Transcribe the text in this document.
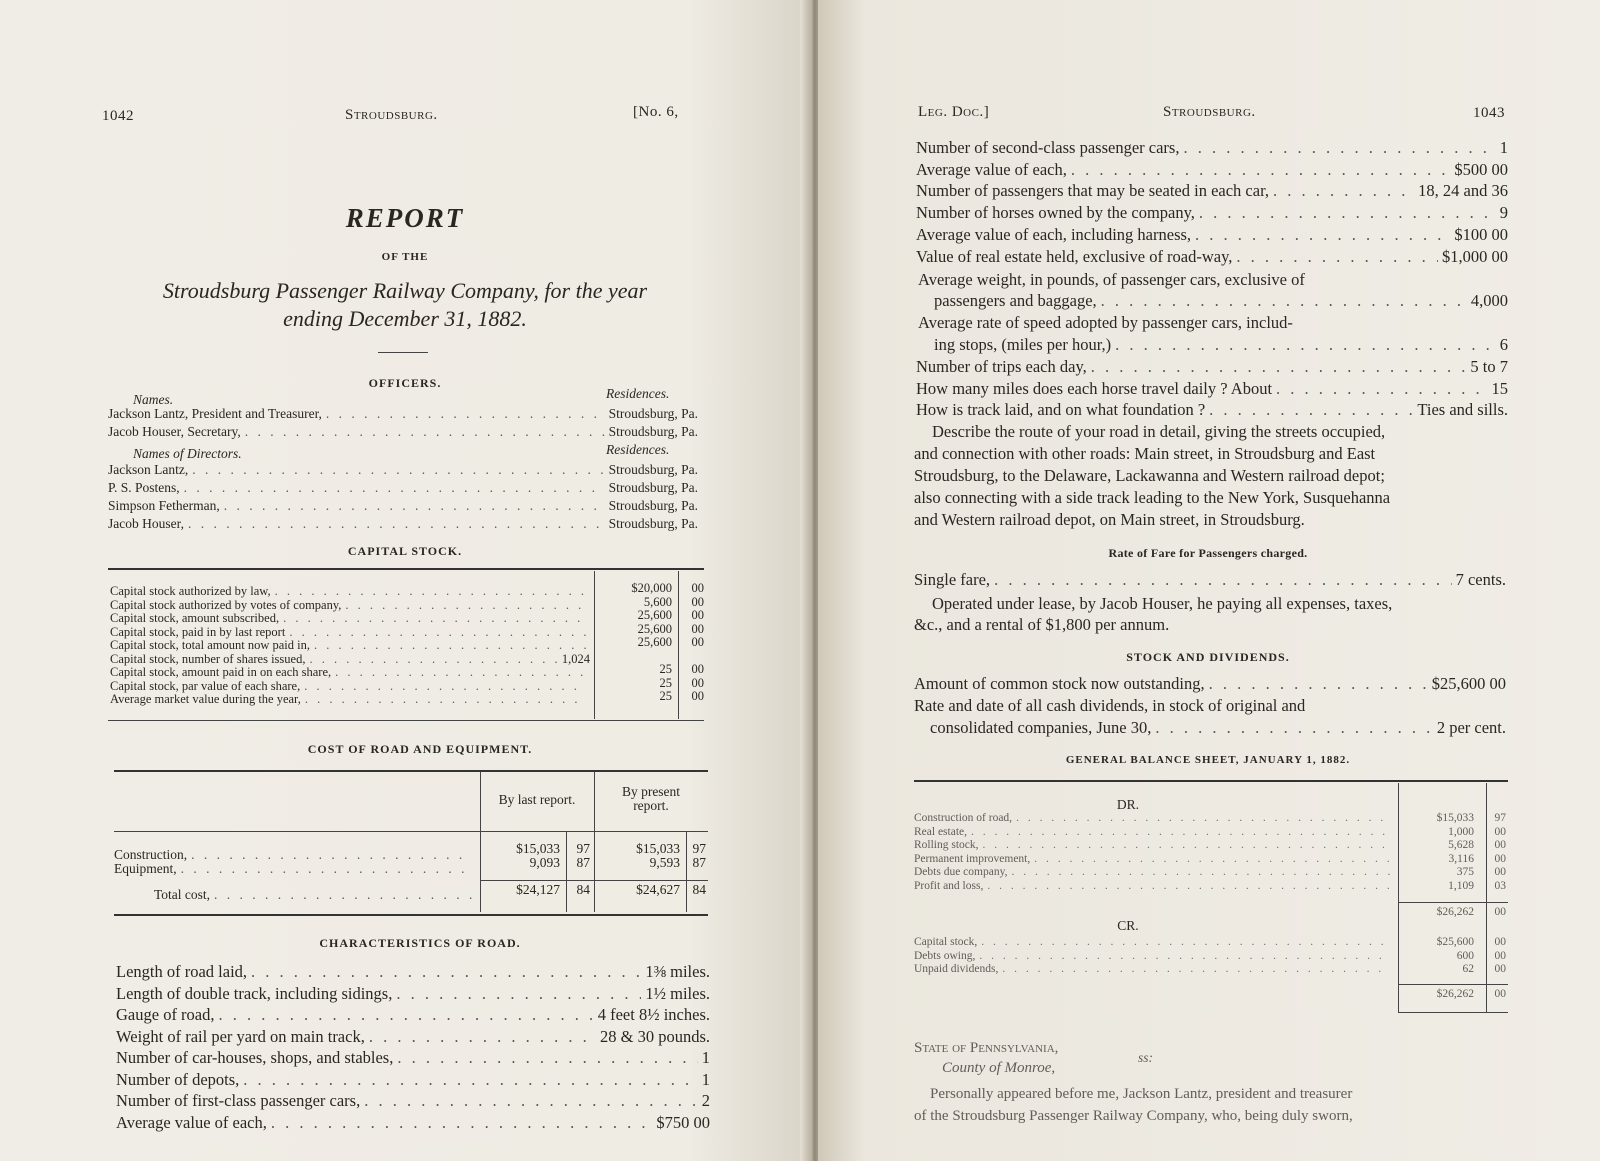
1042	Stroudsburg.	[No. 6,
REPORT
OF THE
Stroudsburg Passenger Railway Company, for the year
ending December 31, 1882.
OFFICERS.
Names.	Residences.
Jackson Lantz, President and Treasurer, . . .	Stroudsburg, Pa.
Jacob Houser, Secretary, . . .	Stroudsburg, Pa.
Names of Directors.	Residences.
Jackson Lantz, . . .	Stroudsburg, Pa.
P. S. Postens, . . .	Stroudsburg, Pa.
Simpson Fetherman, . . .	Stroudsburg, Pa.
Jacob Houser, . . .	Stroudsburg, Pa.
CAPITAL STOCK.
Capital stock authorized by law, . . .	$20,000	00
Capital stock authorized by votes of company, . . .	5,600	00
Capital stock, amount subscribed, . . .	25,600	00
Capital stock, paid in by last report . . .	25,600	00
Capital stock, total amount now paid in, . . .	25,600	00
Capital stock, number of shares issued, . . .	1,024
Capital stock, amount paid in on each share, . . .	25	00
Capital stock, par value of each share, . . .	25	00
Average market value during the year, . . .	25	00
COST OF ROAD AND EQUIPMENT.
By last report.
By present
report.
Construction, . . .	$15,033	97	$15,033 97
Equipment, . . .	9,093	87	9,593 87
Total cost, . . .	$24,127	84	$24,627 84
CHARACTERISTICS OF ROAD.
Length of road laid, . . .	1⅜ miles.
Length of double track, including sidings, . . .	1½ miles.
Gauge of road, . . .	4 feet 8½ inches.
Weight of rail per yard on main track, . . .	28 & 30 pounds.
Number of car-houses, shops, and stables, . . .	1
Number of depots, . . .	1
Number of first-class passenger cars, . . .	2
Average value of each, . . .	$750 00
Leg. Doc.]	Stroudsburg.	1043
Number of second-class passenger cars, . . .	1
Average value of each, . . .	$500 00
Number of passengers that may be seated in each car, . . .	18, 24 and 36
Number of horses owned by the company, . . .	9
Average value of each, including harness, . . .	$100 00
Value of real estate held, exclusive of road-way, . . .	$1,000 00
Average weight, in pounds, of passenger cars, exclusive of
passengers and baggage, . . .	4,000
Average rate of speed adopted by passenger cars, includ-
ing stops, (miles per hour,) . . .	6
Number of trips each day, . . .	5 to 7
How many miles does each horse travel daily ? About . . .	15
How is track laid, and on what foundation ? . . .	Ties and sills.
Describe the route of your road in detail, giving the streets occupied,
and connection with other roads: Main street, in Stroudsburg and East
Stroudsburg, to the Delaware, Lackawanna and Western railroad depot;
also connecting with a side track leading to the New York, Susquehanna
and Western railroad depot, on Main street, in Stroudsburg.
Rate of Fare for Passengers charged.
Single fare, . . .	7 cents.
Operated under lease, by Jacob Houser, he paying all expenses, taxes,
&c., and a rental of $1,800 per annum.
STOCK AND DIVIDENDS.
Amount of common stock now outstanding, . . .	$25,600 00
Rate and date of all cash dividends, in stock of original and
consolidated companies, June 30, . . .	2 per cent.
GENERAL BALANCE SHEET, JANUARY 1, 1882.
DR.
Construction of road, . . .	$15,033	97
Real estate, . . .	1,000	00
Rolling stock, . . .	5,628	00
Permanent improvement, . . .	3,116	00
Debts due company, . . .	375	00
Profit and loss, . . .	1,109	03
$26,262	00
CR.
Capital stock, . . .	$25,600	00
Debts owing, . . .	600	00
Unpaid dividends, . . .	62	00
$26,262	00
State of Pennsylvania,
County of Monroe,
ss:
Personally appeared before me, Jackson Lantz, president and treasurer
of the Stroudsburg Passenger Railway Company, who, being duly sworn,
